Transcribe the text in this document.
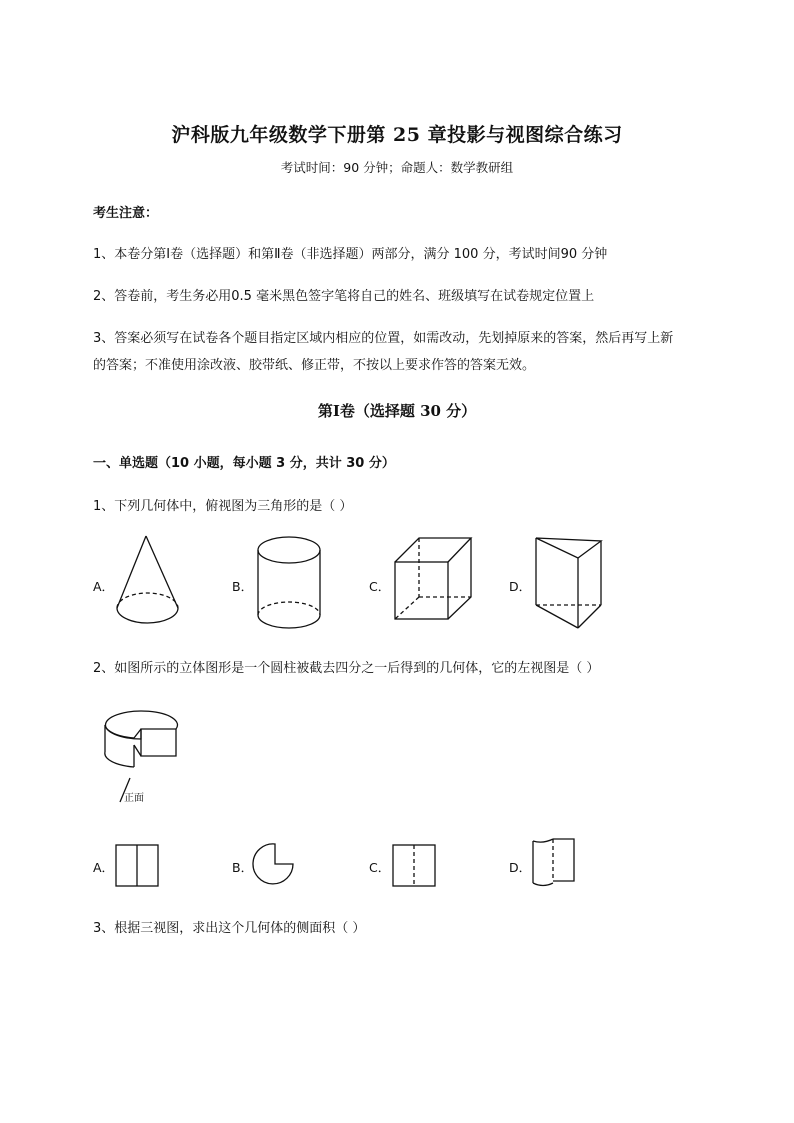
沪科版九年级数学下册第 25 章投影与视图综合练习
考试时间：90 分钟；命题人：数学教研组
考生注意：
1、本卷分第Ⅰ卷（选择题）和第Ⅱ卷（非选择题）两部分，满分 100 分，考试时间90 分钟
2、答卷前，考生务必用0.5 毫米黑色签字笔将自己的姓名、班级填写在试卷规定位置上
3、答案必须写在试卷各个题目指定区域内相应的位置，如需改动，先划掉原来的答案，然后再写上新
的答案；不准使用涂改液、胶带纸、修正带，不按以上要求作答的答案无效。
第Ⅰ卷（选择题 30 分）
一、单选题（10 小题，每小题 3 分，共计 30 分）
1、下列几何体中，俯视图为三角形的是（ ）
A．	B．	C．	D．
2、如图所示的立体图形是一个圆柱被截去四分之一后得到的几何体，它的左视图是（ ）
正面
A．	B．	C．	D．
3、根据三视图，求出这个几何体的侧面积（ ）
